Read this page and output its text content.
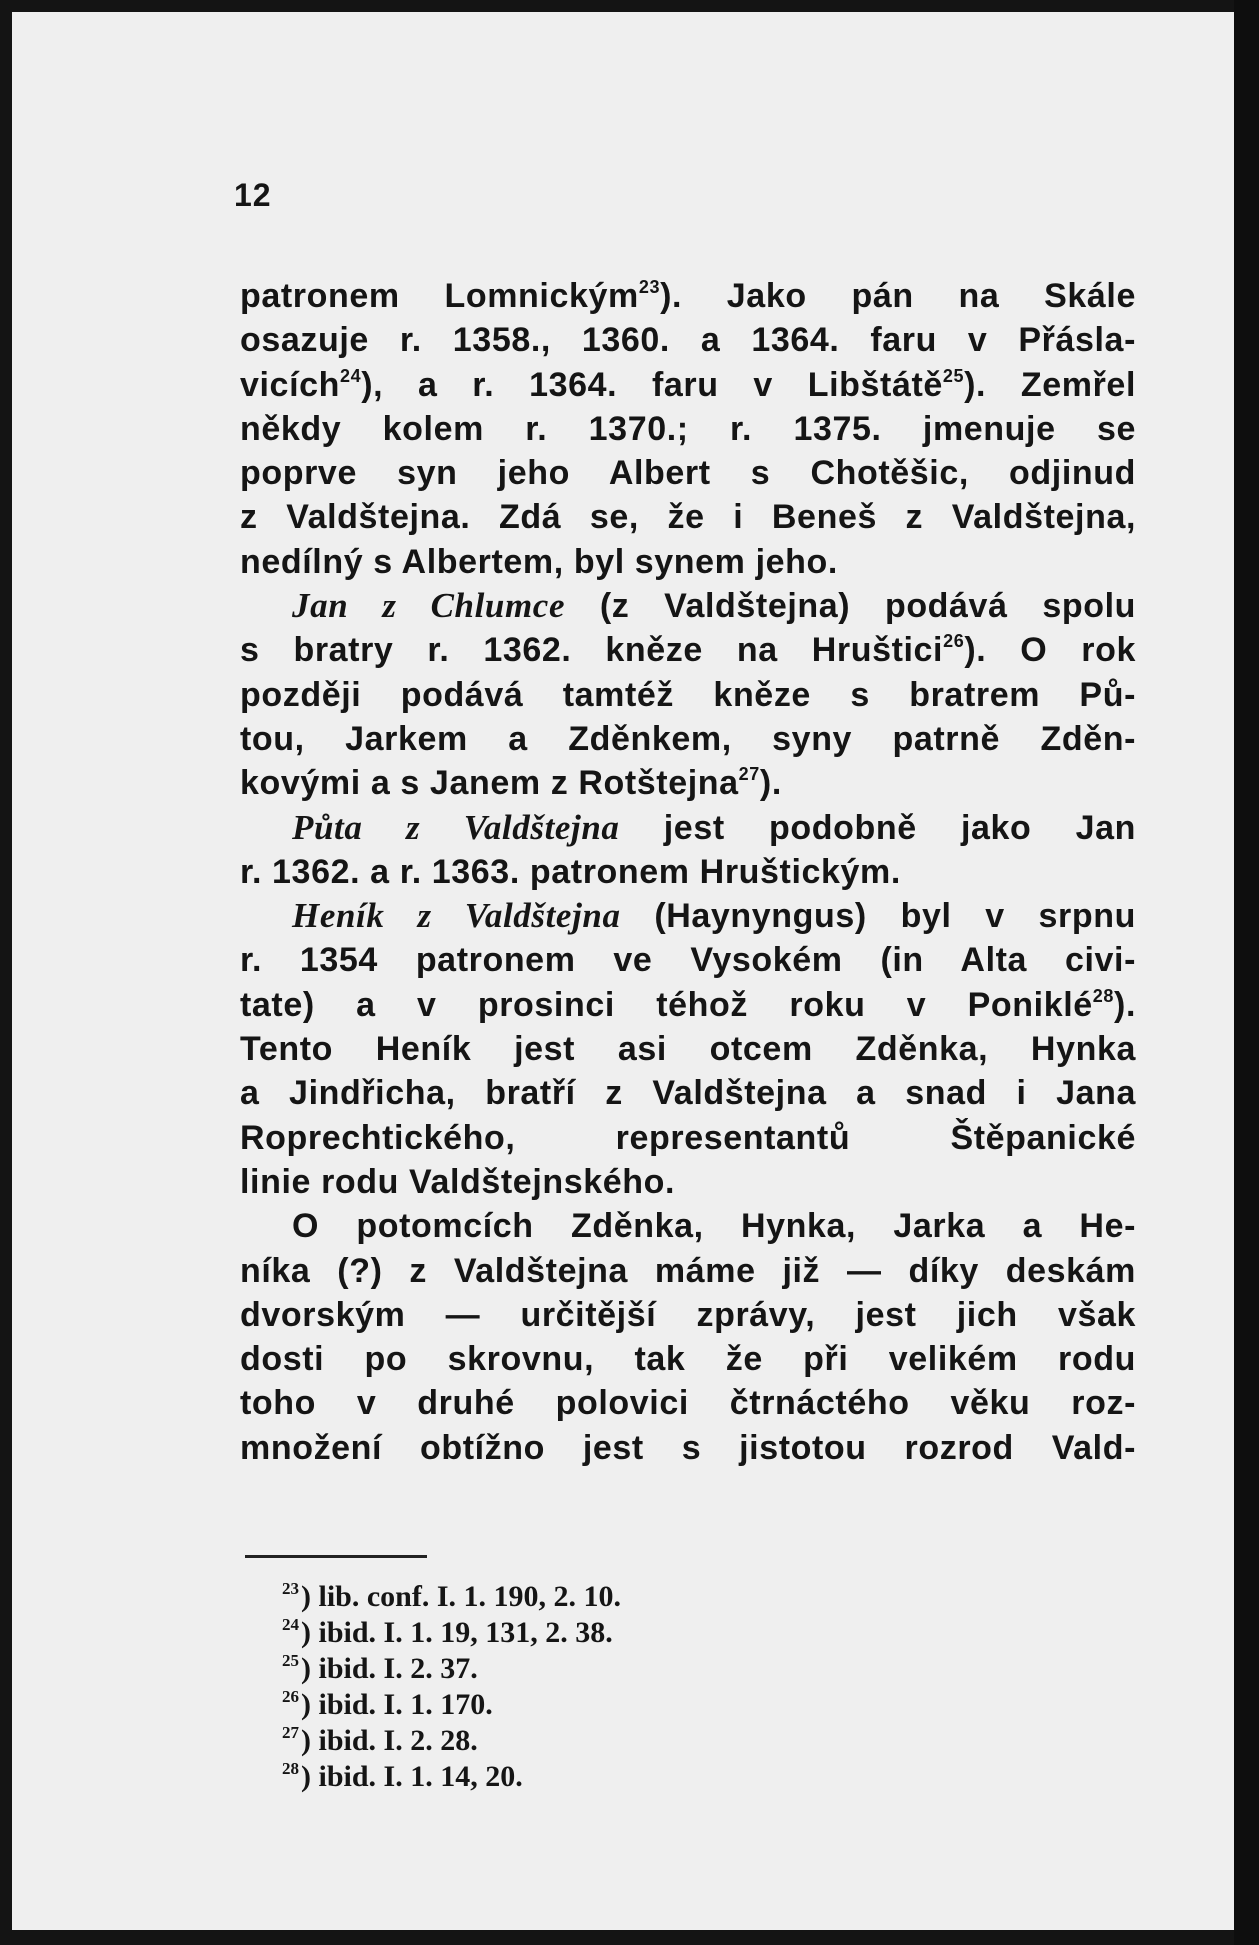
12
patronem Lomnickým$^{23}$). Jako pán na Skále
osazuje r. 1358., 1360. a 1364. faru v Přásla-
vicích$^{24}$), a r. 1364. faru v Libštátě$^{25}$). Zemřel
někdy kolem r. 1370.; r. 1375. jmenuje se
poprve syn jeho Albert s Chotěšic, odjinud
z Valdštejna. Zdá se, že i Beneš z Valdštejna,
nedílný s Albertem, byl synem jeho.
Jan z Chlumce (z Valdštejna) podává spolu
s bratry r. 1362. kněze na Hruštici$^{26}$). O rok
později podává tamtéž kněze s bratrem Pů-
tou, Jarkem a Zděnkem, syny patrně Zděn-
kovými a s Janem z Rotštejna$^{27}$).
Půta z Valdštejna jest podobně jako Jan
r. 1362. a r. 1363. patronem Hruštickým.
Heník z Valdštejna (Haynyngus) byl v srpnu
r. 1354 patronem ve Vysokém (in Alta civi-
tate) a v prosinci téhož roku v Poniklé$^{28}$).
Tento Heník jest asi otcem Zděnka, Hynka
a Jindřicha, bratří z Valdštejna a snad i Jana
Roprechtického, representantů Štěpanické
linie rodu Valdštejnského.
O potomcích Zděnka, Hynka, Jarka a He-
níka (?) z Valdštejna máme již — díky deskám
dvorským — určitější zprávy, jest jich však
dosti po skrovnu, tak že při velikém rodu
toho v druhé polovici čtrnáctého věku roz-
množení obtížno jest s jistotou rozrod Vald-
$^{23}$) lib. conf. I. 1. 190, 2. 10.
$^{24}$) ibid. I. 1. 19, 131, 2. 38.
$^{25}$) ibid. I. 2. 37.
$^{26}$) ibid. I. 1. 170.
$^{27}$) ibid. I. 2. 28.
$^{28}$) ibid. I. 1. 14, 20.
